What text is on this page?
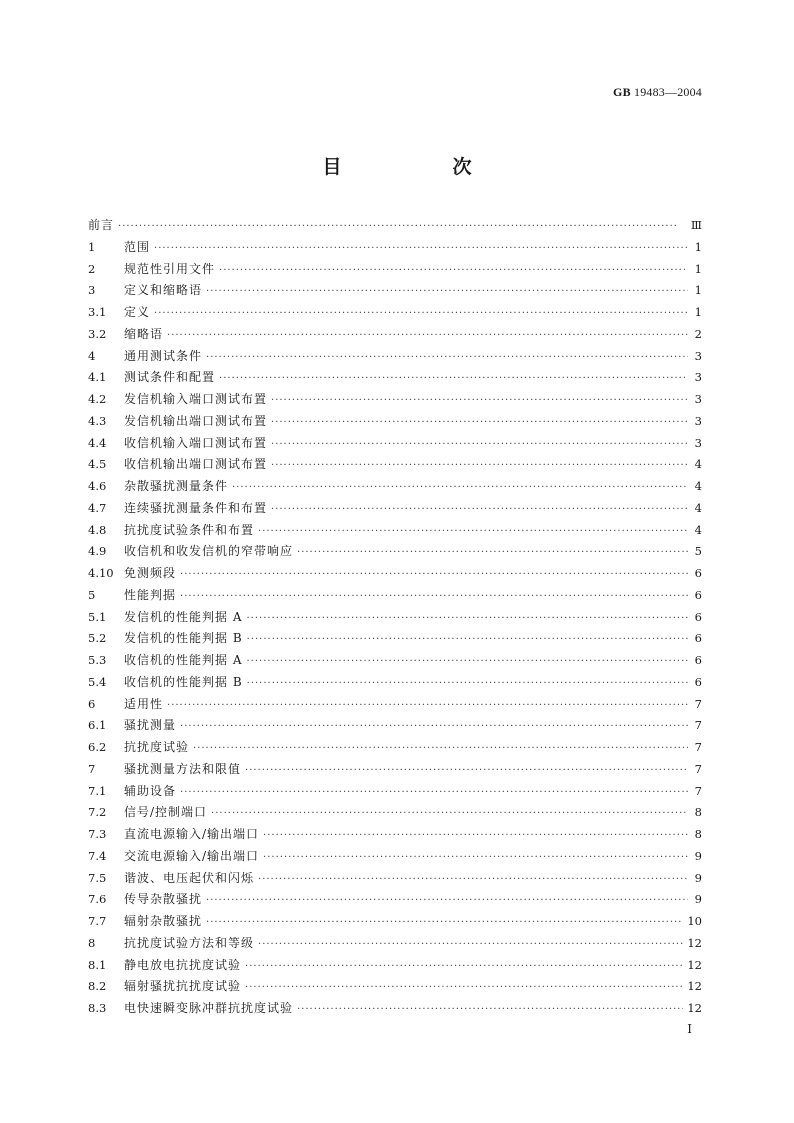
GB 19483—2004
目　次
前言 ·····	Ⅲ
1	范围 ·····	1
2	规范性引用文件 ·····	1
3	定义和缩略语 ·····	1
3.1	定义 ·····	1
3.2	缩略语 ·····	2
4	通用测试条件 ·····	3
4.1	测试条件和配置 ·····	3
4.2	发信机输入端口测试布置 ·····	3
4.3	发信机输出端口测试布置 ·····	3
4.4	收信机输入端口测试布置 ·····	3
4.5	收信机输出端口测试布置 ·····	4
4.6	杂散骚扰测量条件 ·····	4
4.7	连续骚扰测量条件和布置 ·····	4
4.8	抗扰度试验条件和布置 ·····	4
4.9	收信机和收发信机的窄带响应 ·····	5
4.10 免测频段 ·····	6
5	性能判据 ·····	6
5.1	发信机的性能判据 A ·····	6
5.2	发信机的性能判据 B ·····	6
5.3	收信机的性能判据 A ·····	6
5.4	收信机的性能判据 B ·····	6
6	适用性 ·····	7
6.1	骚扰测量 ·····	7
6.2	抗扰度试验 ·····	7
7	骚扰测量方法和限值 ·····	7
7.1	辅助设备 ·····	7
7.2	信号/控制端口 ·····	8
7.3	直流电源输入/输出端口 ·····	8
7.4	交流电源输入/输出端口 ·····	9
7.5	谐波、电压起伏和闪烁 ·····	9
7.6	传导杂散骚扰 ·····	9
7.7	辐射杂散骚扰 ·····	10
8	抗扰度试验方法和等级 ·····	12
8.1	静电放电抗扰度试验 ·····	12
8.2	辐射骚扰抗扰度试验 ·····	12
8.3	电快速瞬变脉冲群抗扰度试验 ·····	12
I
